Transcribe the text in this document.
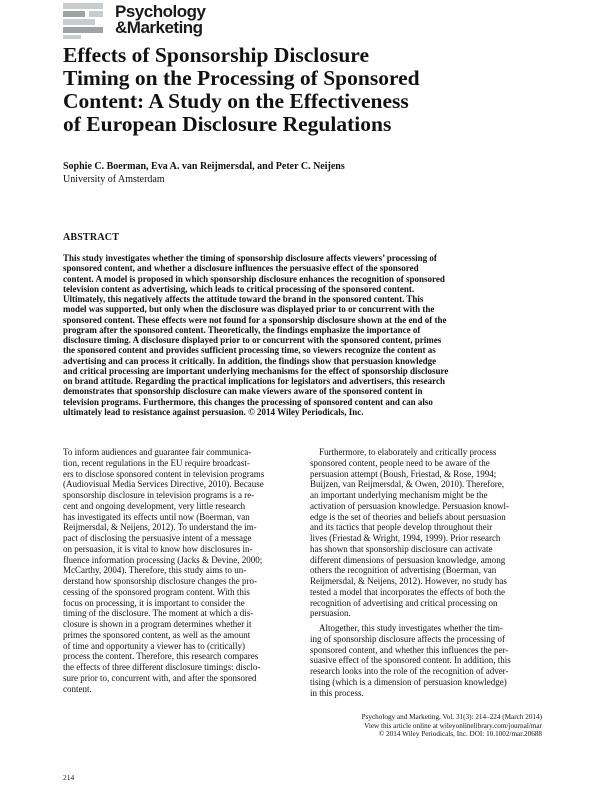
Psychology
&Marketing
Effects of Sponsorship Disclosure
Timing on the Processing of Sponsored
Content: A Study on the Effectiveness
of European Disclosure Regulations
Sophie C. Boerman, Eva A. van Reijmersdal, and Peter C. Neijens
University of Amsterdam
ABSTRACT
This study investigates whether the timing of sponsorship disclosure affects viewers’ processing of
sponsored content, and whether a disclosure influences the persuasive effect of the sponsored
content. A model is proposed in which sponsorship disclosure enhances the recognition of sponsored
television content as advertising, which leads to critical processing of the sponsored content.
Ultimately, this negatively affects the attitude toward the brand in the sponsored content. This
model was supported, but only when the disclosure was displayed prior to or concurrent with the
sponsored content. These effects were not found for a sponsorship disclosure shown at the end of the
program after the sponsored content. Theoretically, the findings emphasize the importance of
disclosure timing. A disclosure displayed prior to or concurrent with the sponsored content, primes
the sponsored content and provides sufficient processing time, so viewers recognize the content as
advertising and can process it critically. In addition, the findings show that persuasion knowledge
and critical processing are important underlying mechanisms for the effect of sponsorship disclosure
on brand attitude. Regarding the practical implications for legislators and advertisers, this research
demonstrates that sponsorship disclosure can make viewers aware of the sponsored content in
television programs. Furthermore, this changes the processing of sponsored content and can also
ultimately lead to resistance against persuasion. © 2014 Wiley Periodicals, Inc.
To inform audiences and guarantee fair communica-
tion, recent regulations in the EU require broadcast-
ers to disclose sponsored content in television programs
(Audiovisual Media Services Directive, 2010). Because
sponsorship disclosure in television programs is a re-
cent and ongoing development, very little research
has investigated its effects until now (Boerman, van
Reijmersdal, & Neijens, 2012). To understand the im-
pact of disclosing the persuasive intent of a message
on persuasion, it is vital to know how disclosures in-
fluence information processing (Jacks & Devine, 2000;
McCarthy, 2004). Therefore, this study aims to un-
derstand how sponsorship disclosure changes the pro-
cessing of the sponsored program content. With this
focus on processing, it is important to consider the
timing of the disclosure. The moment at which a dis-
closure is shown in a program determines whether it
primes the sponsored content, as well as the amount
of time and opportunity a viewer has to (critically)
process the content. Therefore, this research compares
the effects of three different disclosure timings: disclo-
sure prior to, concurrent with, and after the sponsored
content.
Furthermore, to elaborately and critically process
sponsored content, people need to be aware of the
persuasion attempt (Boush, Friestad, & Rose, 1994;
Buijzen, van Reijmersdal, & Owen, 2010). Therefore,
an important underlying mechanism might be the
activation of persuasion knowledge. Persuasion knowl-
edge is the set of theories and beliefs about persuasion
and its tactics that people develop throughout their
lives (Friestad & Wright, 1994, 1999). Prior research
has shown that sponsorship disclosure can activate
different dimensions of persuasion knowledge, among
others the recognition of advertising (Boerman, van
Reijmersdal, & Neijens, 2012). However, no study has
tested a model that incorporates the effects of both the
recognition of advertising and critical processing on
persuasion.
Altogether, this study investigates whether the tim-
ing of sponsorship disclosure affects the processing of
sponsored content, and whether this influences the per-
suasive effect of the sponsored content. In addition, this
research looks into the role of the recognition of adver-
tising (which is a dimension of persuasion knowledge)
in this process.
Psychology and Marketing, Vol. 31(3): 214–224 (March 2014)
View this article online at wileyonlinelibrary.com/journal/mar
© 2014 Wiley Periodicals, Inc. DOI: 10.1002/mar.20688
214
